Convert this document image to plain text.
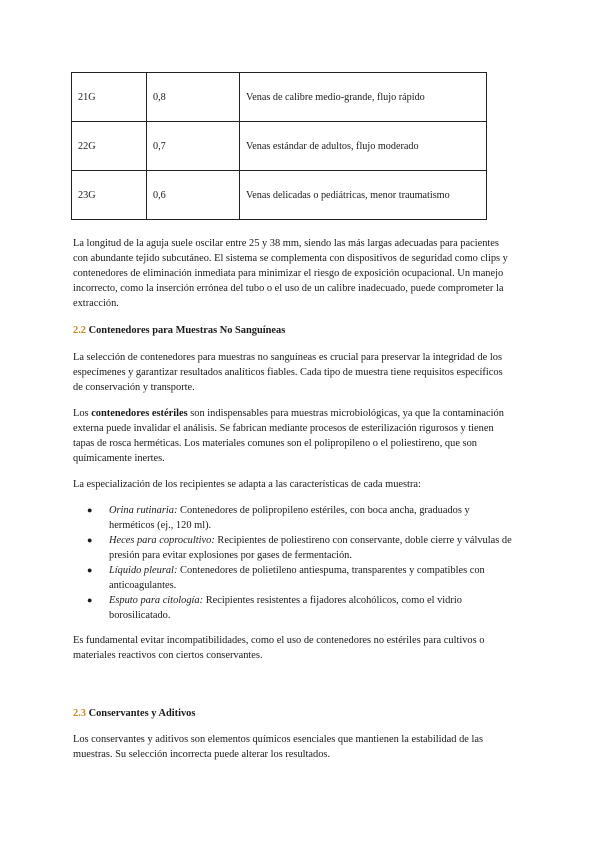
21G	0,8	Venas de calibre medio-grande, flujo rápido
22G	0,7	Venas estándar de adultos, flujo moderado
23G	0,6	Venas delicadas o pediátricas, menor traumatismo

La longitud de la aguja suele oscilar entre 25 y 38 mm, siendo las más largas adecuadas para pacientes con abundante tejido subcutáneo. El sistema se complementa con dispositivos de seguridad como clips y contenedores de eliminación inmediata para minimizar el riesgo de exposición ocupacional. Un manejo incorrecto, como la inserción errónea del tubo o el uso de un calibre inadecuado, puede comprometer la extracción.

2.2 Contenedores para Muestras No Sanguíneas

La selección de contenedores para muestras no sanguíneas es crucial para preservar la integridad de los especímenes y garantizar resultados analíticos fiables. Cada tipo de muestra tiene requisitos específicos de conservación y transporte.

Los contenedores estériles son indispensables para muestras microbiológicas, ya que la contaminación externa puede invalidar el análisis. Se fabrican mediante procesos de esterilización rigurosos y tienen tapas de rosca herméticas. Los materiales comunes son el polipropileno o el poliestireno, que son químicamente inertes.

La especialización de los recipientes se adapta a las características de cada muestra:

● Orina rutinaria: Contenedores de polipropileno estériles, con boca ancha, graduados y herméticos (ej., 120 ml).
● Heces para coprocultivo: Recipientes de poliestireno con conservante, doble cierre y válvulas de presión para evitar explosiones por gases de fermentación.
● Líquido pleural: Contenedores de polietileno antiespuma, transparentes y compatibles con anticoagulantes.
● Esputo para citología: Recipientes resistentes a fijadores alcohólicos, como el vidrio borosilicatado.

Es fundamental evitar incompatibilidades, como el uso de contenedores no estériles para cultivos o materiales reactivos con ciertos conservantes.

2.3 Conservantes y Aditivos

Los conservantes y aditivos son elementos químicos esenciales que mantienen la estabilidad de las muestras. Su selección incorrecta puede alterar los resultados.
